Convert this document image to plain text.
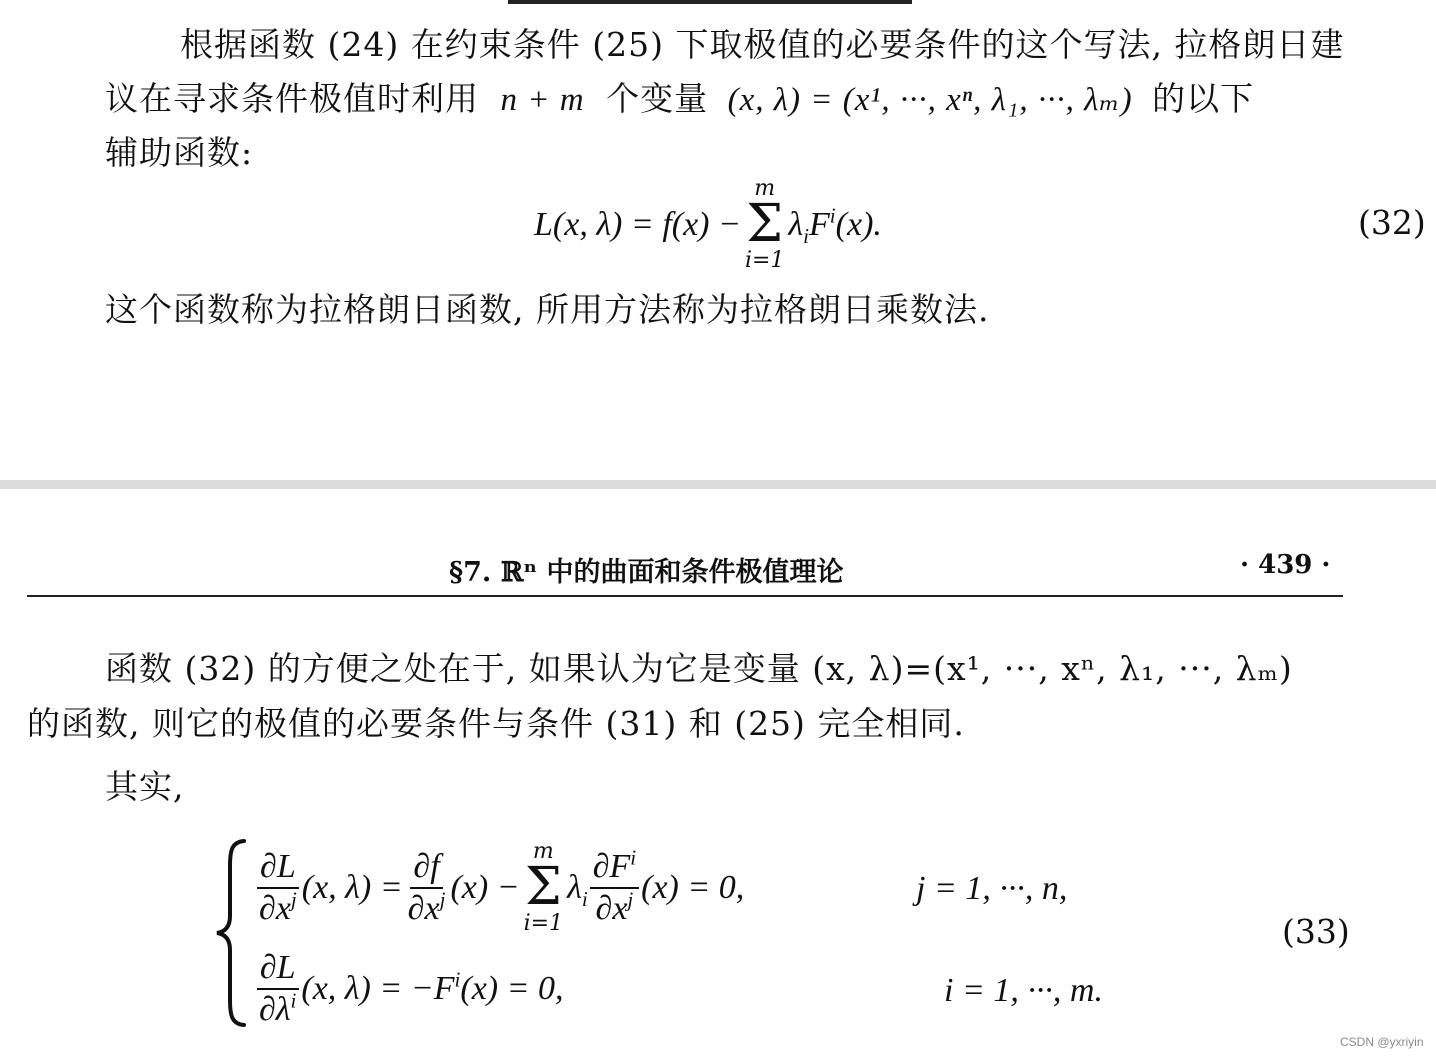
根据函数 (24) 在约束条件 (25) 下取极值的必要条件的这个写法, 拉格朗日建
议在寻求条件极值时利用 n + m 个变量 (x, λ) = (x¹, ···, xⁿ, λ₁, ···, λₘ) 的以下
辅助函数:
L(x, λ) = f(x) −
m
Σ
i=1
$\lambda_iF^i(x)$.	(32)
这个函数称为拉格朗日函数, 所用方法称为拉格朗日乘数法.
§7. ℝⁿ 中的曲面和条件极值理论	· 439 ·
函数 (32) 的方便之处在于, 如果认为它是变量 (x, λ)=(x¹, ···, xⁿ, λ₁, ···, λₘ)
的函数, 则它的极值的必要条件与条件 (31) 和 (25) 完全相同.
其实,
$\frac{\partial L}{\partial x^j} (x$, $\lambda) = \frac{\partial f}{\partial x^j} (x)$ −
m
Σ
i=1
$\lambda_i \frac{\partial F^i}{\partial x^j} (x) = 0$,	j = 1, ···, n,
$\frac{\partial L}{\partial\lambda^i} (x$, $\lambda) = -F^i(x) = 0$,	i = 1, ···, m.
(33)
CSDN @yxriyin
